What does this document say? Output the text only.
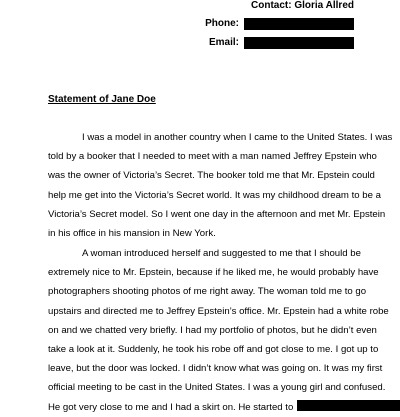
Contact: Gloria Allred
Phone:
Email:
Statement of Jane Doe
I was a model in another country when I came to the United States. I was
told by a booker that I needed to meet with a man named Jeffrey Epstein who
was the owner of Victoria’s Secret. The booker told me that Mr. Epstein could
help me get into the Victoria’s Secret world. It was my childhood dream to be a
Victoria’s Secret model. So I went one day in the afternoon and met Mr. Epstein
in his office in his mansion in New York.
A woman introduced herself and suggested to me that I should be
extremely nice to Mr. Epstein, because if he liked me, he would probably have
photographers shooting photos of me right away. The woman told me to go
upstairs and directed me to Jeffrey Epstein’s office. Mr. Epstein had a white robe
on and we chatted very briefly. I had my portfolio of photos, but he didn’t even
take a look at it. Suddenly, he took his robe off and got close to me. I got up to
leave, but the door was locked. I didn’t know what was going on. It was my first
official meeting to be cast in the United States. I was a young girl and confused.
He got very close to me and I had a skirt on. He started to
